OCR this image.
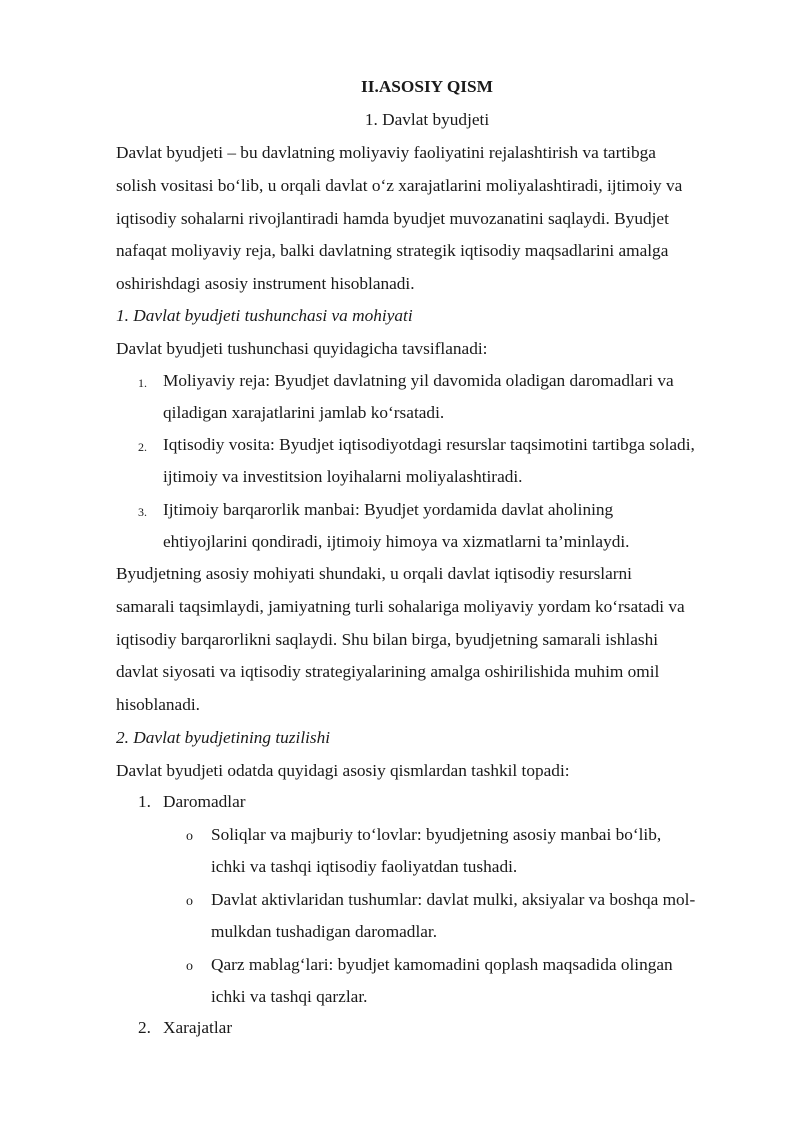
II.ASOSIY QISM
1. Davlat byudjeti
Davlat byudjeti – bu davlatning moliyaviy faoliyatini rejalashtirish va tartibga
solish vositasi bo‘lib, u orqali davlat o‘z xarajatlarini moliyalashtiradi, ijtimoiy va
iqtisodiy sohalarni rivojlantiradi hamda byudjet muvozanatini saqlaydi. Byudjet
nafaqat moliyaviy reja, balki davlatning strategik iqtisodiy maqsadlarini amalga
oshirishdagi asosiy instrument hisoblanadi.
1. Davlat byudjeti tushunchasi va mohiyati
Davlat byudjeti tushunchasi quyidagicha tavsiflanadi:
1. Moliyaviy reja: Byudjet davlatning yil davomida oladigan daromadlari va
qiladigan xarajatlarini jamlab ko‘rsatadi.
2. Iqtisodiy vosita: Byudjet iqtisodiyotdagi resurslar taqsimotini tartibga soladi,
ijtimoiy va investitsion loyihalarni moliyalashtiradi.
3. Ijtimoiy barqarorlik manbai: Byudjet yordamida davlat aholining
ehtiyojlarini qondiradi, ijtimoiy himoya va xizmatlarni ta’minlaydi.
Byudjetning asosiy mohiyati shundaki, u orqali davlat iqtisodiy resurslarni
samarali taqsimlaydi, jamiyatning turli sohalariga moliyaviy yordam ko‘rsatadi va
iqtisodiy barqarorlikni saqlaydi. Shu bilan birga, byudjetning samarali ishlashi
davlat siyosati va iqtisodiy strategiyalarining amalga oshirilishida muhim omil
hisoblanadi.
2. Davlat byudjetining tuzilishi
Davlat byudjeti odatda quyidagi asosiy qismlardan tashkil topadi:
1. Daromadlar
o Soliqlar va majburiy to‘lovlar: byudjetning asosiy manbai bo‘lib,
ichki va tashqi iqtisodiy faoliyatdan tushadi.
o Davlat aktivlaridan tushumlar: davlat mulki, aksiyalar va boshqa mol-
mulkdan tushadigan daromadlar.
o Qarz mablag‘lari: byudjet kamomadini qoplash maqsadida olingan
ichki va tashqi qarzlar.
2. Xarajatlar
